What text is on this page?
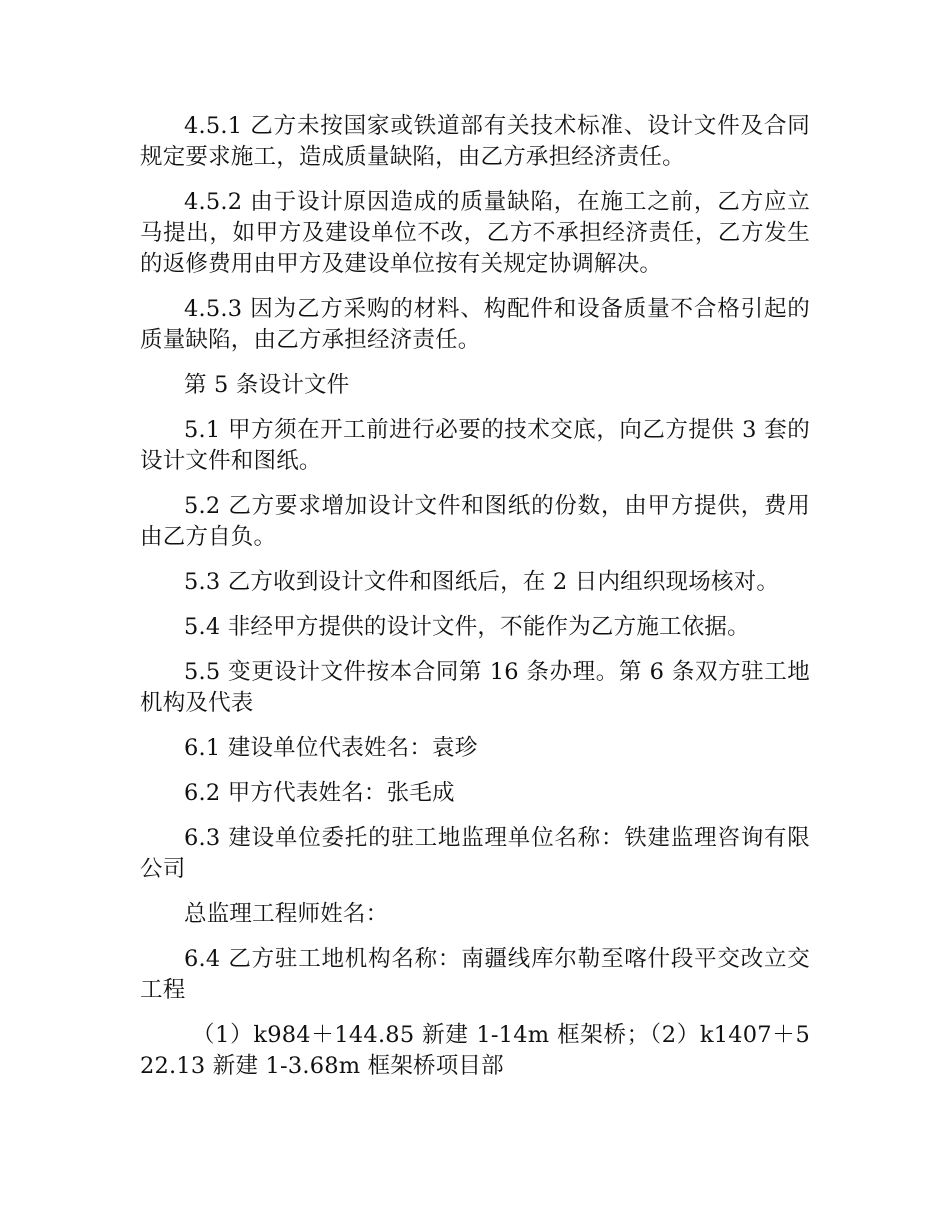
4.5.1 乙方未按国家或铁道部有关技术标准、设计文件及合同规定要求施工，造成质量缺陷，由乙方承担经济责任。

4.5.2 由于设计原因造成的质量缺陷，在施工之前，乙方应立马提出，如甲方及建设单位不改，乙方不承担经济责任，乙方发生的返修费用由甲方及建设单位按有关规定协调解决。

4.5.3 因为乙方采购的材料、构配件和设备质量不合格引起的质量缺陷，由乙方承担经济责任。

第 5 条设计文件

5.1 甲方须在开工前进行必要的技术交底，向乙方提供 3 套的设计文件和图纸。

5.2 乙方要求增加设计文件和图纸的份数，由甲方提供，费用由乙方自负。

5.3 乙方收到设计文件和图纸后，在 2 日内组织现场核对。

5.4 非经甲方提供的设计文件，不能作为乙方施工依据。

5.5 变更设计文件按本合同第 16 条办理。第 6 条双方驻工地机构及代表

6.1 建设单位代表姓名：袁珍

6.2 甲方代表姓名：张毛成

6.3 建设单位委托的驻工地监理单位名称：铁建监理咨询有限公司

总监理工程师姓名：

6.4 乙方驻工地机构名称：南疆线库尔勒至喀什段平交改立交工程

（1）k984＋144.85 新建 1-14m 框架桥；（2）k1407＋522.13 新建 1-3.68m 框架桥项目部
